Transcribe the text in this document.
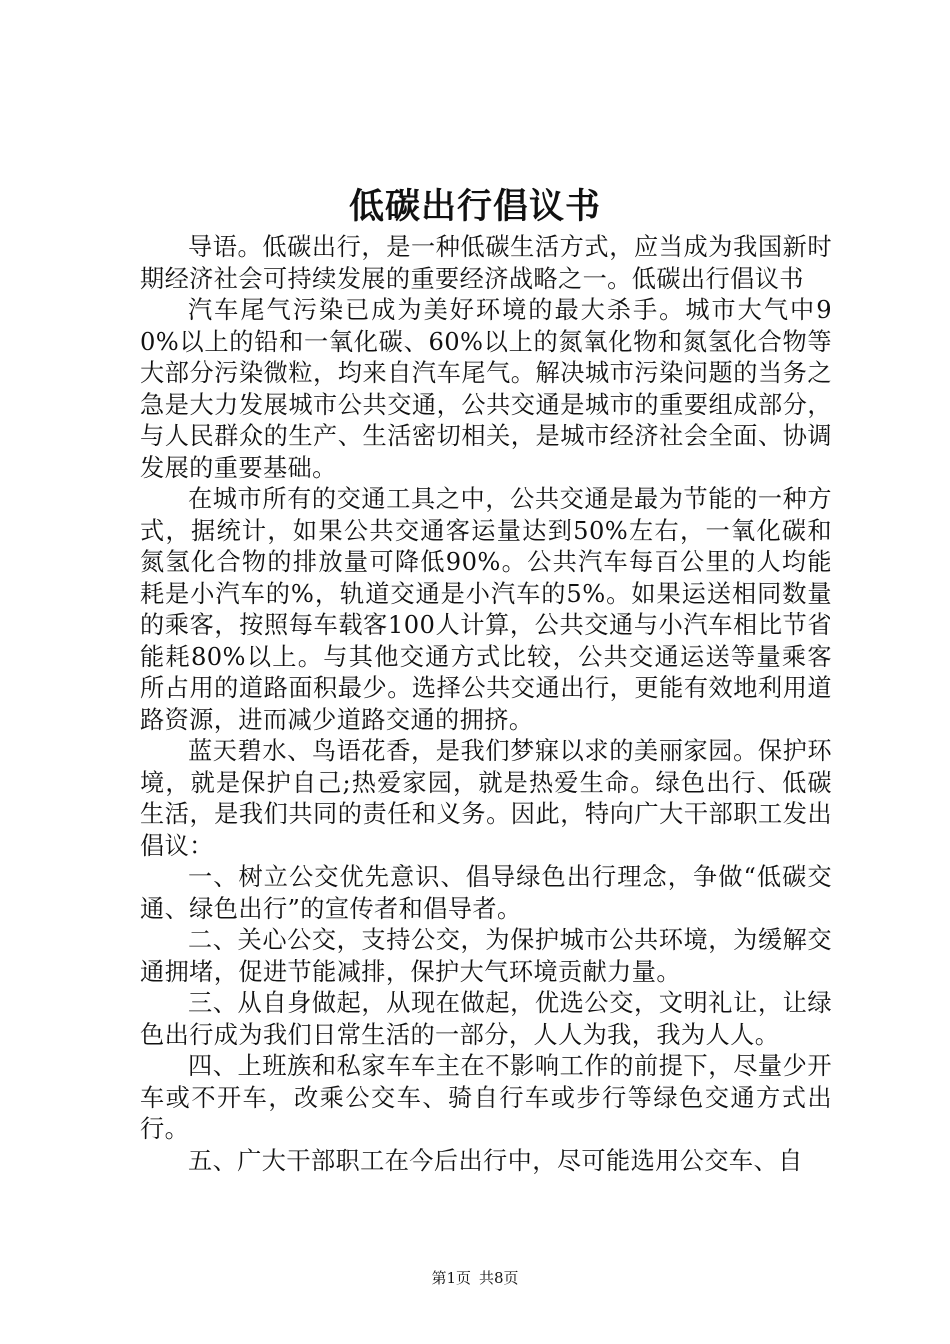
低碳出行倡议书

导语。低碳出行，是一种低碳生活方式，应当成为我国新时期经济社会可持续发展的重要经济战略之一。低碳出行倡议书

汽车尾气污染已成为美好环境的最大杀手。城市大气中90%以上的铅和一氧化碳、60%以上的氮氧化物和氮氢化合物等大部分污染微粒，均来自汽车尾气。解决城市污染问题的当务之急是大力发展城市公共交通，公共交通是城市的重要组成部分，与人民群众的生产、生活密切相关，是城市经济社会全面、协调发展的重要基础。

在城市所有的交通工具之中，公共交通是最为节能的一种方式，据统计，如果公共交通客运量达到50%左右，一氧化碳和氮氢化合物的排放量可降低90%。公共汽车每百公里的人均能耗是小汽车的%，轨道交通是小汽车的5%。如果运送相同数量的乘客，按照每车载客100人计算，公共交通与小汽车相比节省能耗80%以上。与其他交通方式比较，公共交通运送等量乘客所占用的道路面积最少。选择公共交通出行，更能有效地利用道路资源，进而减少道路交通的拥挤。

蓝天碧水、鸟语花香，是我们梦寐以求的美丽家园。保护环境，就是保护自己;热爱家园，就是热爱生命。绿色出行、低碳生活，是我们共同的责任和义务。因此，特向广大干部职工发出倡议：

一、树立公交优先意识、倡导绿色出行理念，争做“低碳交通、绿色出行”的宣传者和倡导者。

二、关心公交，支持公交，为保护城市公共环境，为缓解交通拥堵，促进节能减排，保护大气环境贡献力量。

三、从自身做起，从现在做起，优选公交，文明礼让，让绿色出行成为我们日常生活的一部分，人人为我，我为人人。

四、上班族和私家车车主在不影响工作的前提下，尽量少开车或不开车，改乘公交车、骑自行车或步行等绿色交通方式出行。

五、广大干部职工在今后出行中，尽可能选用公交车、自

第1页 共8页
